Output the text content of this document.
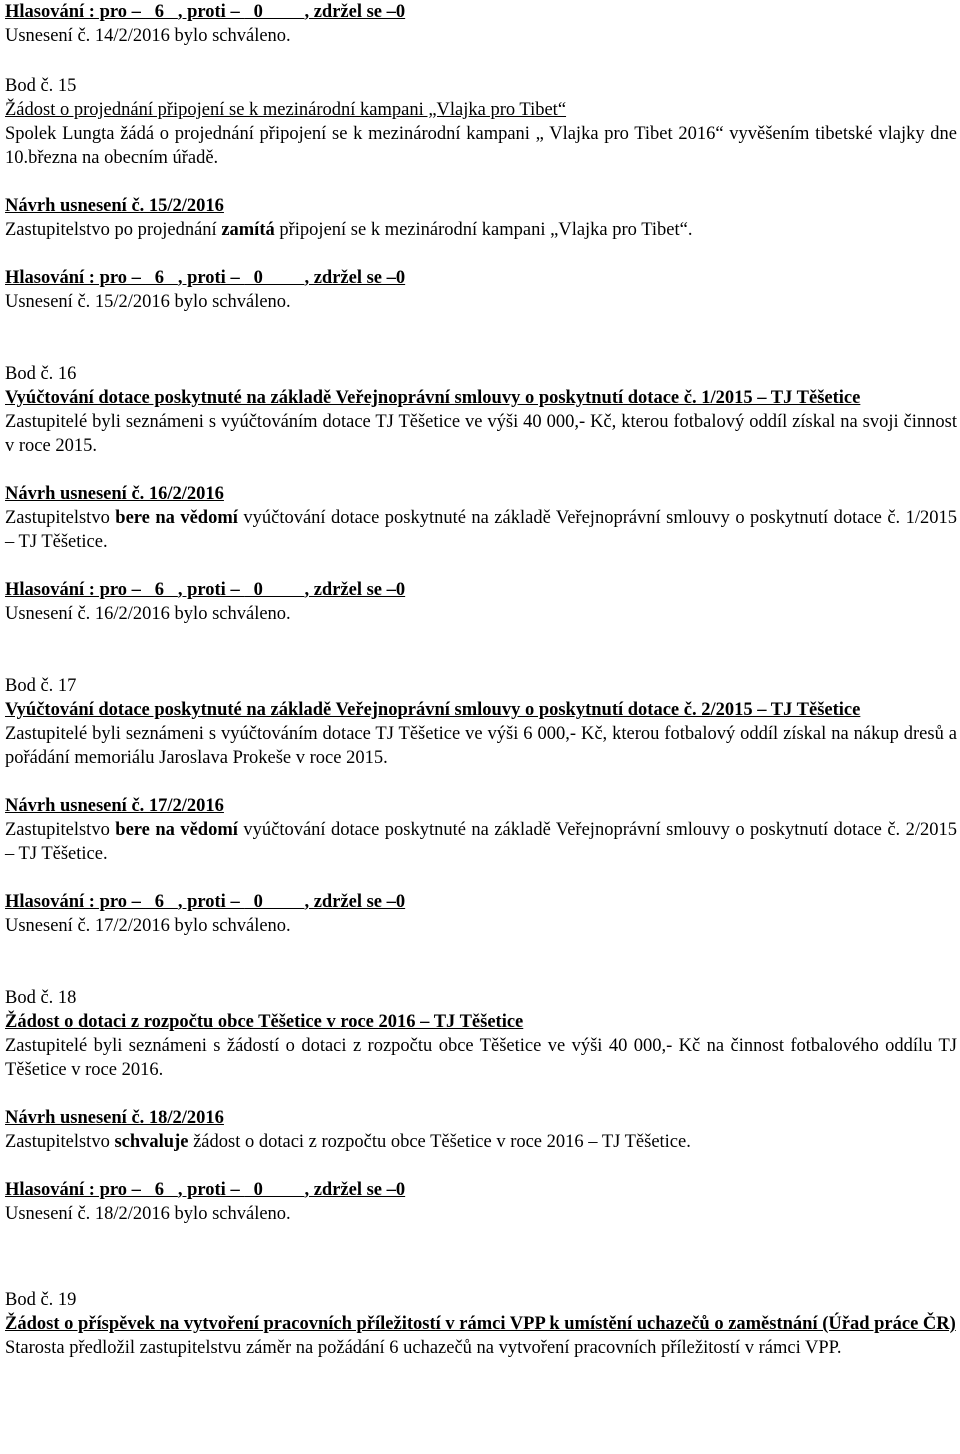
Hlasování : pro –   6   , proti –   0         , zdržel se –0
Usnesení č. 14/2/2016 bylo schváleno.
Bod č. 15
Žádost o projednání připojení se k mezinárodní kampani „Vlajka pro Tibet“
Spolek Lungta žádá o projednání připojení se k mezinárodní kampani „ Vlajka pro Tibet 2016“ vyvěšením tibetské vlajky dne 10.března na obecním úřadě.
Návrh usnesení č. 15/2/2016
Zastupitelstvo po projednání zamítá připojení se k mezinárodní kampani „Vlajka pro Tibet“.
Hlasování : pro –   6   , proti –   0         , zdržel se –0
Usnesení č. 15/2/2016 bylo schváleno.
Bod č. 16
Vyúčtování dotace poskytnuté na základě Veřejnoprávní smlouvy o poskytnutí dotace č. 1/2015 – TJ Těšetice
Zastupitelé byli seznámeni s vyúčtováním dotace TJ Těšetice ve výši 40 000,- Kč, kterou fotbalový oddíl získal na svoji činnost v roce 2015.
Návrh usnesení č. 16/2/2016
Zastupitelstvo bere na vědomí vyúčtování dotace poskytnuté na základě Veřejnoprávní smlouvy o poskytnutí dotace č. 1/2015 – TJ Těšetice.
Hlasování : pro –   6   , proti –   0         , zdržel se –0
Usnesení č. 16/2/2016 bylo schváleno.
Bod č. 17
Vyúčtování dotace poskytnuté na základě Veřejnoprávní smlouvy o poskytnutí dotace č. 2/2015 – TJ Těšetice
Zastupitelé byli seznámeni s vyúčtováním dotace TJ Těšetice ve výši 6 000,- Kč, kterou fotbalový oddíl získal na nákup dresů a pořádání memoriálu Jaroslava Prokeše v roce 2015.
Návrh usnesení č. 17/2/2016
Zastupitelstvo bere na vědomí vyúčtování dotace poskytnuté na základě Veřejnoprávní smlouvy o poskytnutí dotace č. 2/2015 – TJ Těšetice.
Hlasování : pro –   6   , proti –   0         , zdržel se –0
Usnesení č. 17/2/2016 bylo schváleno.
Bod č. 18
Žádost o dotaci z rozpočtu obce Těšetice v roce 2016 – TJ Těšetice
Zastupitelé byli seznámeni s žádostí o dotaci z rozpočtu obce Těšetice ve výši 40 000,- Kč na činnost fotbalového oddílu TJ Těšetice v roce 2016.
Návrh usnesení č. 18/2/2016
Zastupitelstvo schvaluje žádost o dotaci z rozpočtu obce Těšetice v roce 2016 – TJ Těšetice.
Hlasování : pro –   6   , proti –   0         , zdržel se –0
Usnesení č. 18/2/2016 bylo schváleno.
Bod č. 19
Žádost o příspěvek na vytvoření pracovních příležitostí v rámci VPP k umístění uchazečů o zaměstnání (Úřad práce ČR)
Starosta předložil zastupitelstvu záměr na požádání 6 uchazečů na vytvoření pracovních příležitostí v rámci VPP.
